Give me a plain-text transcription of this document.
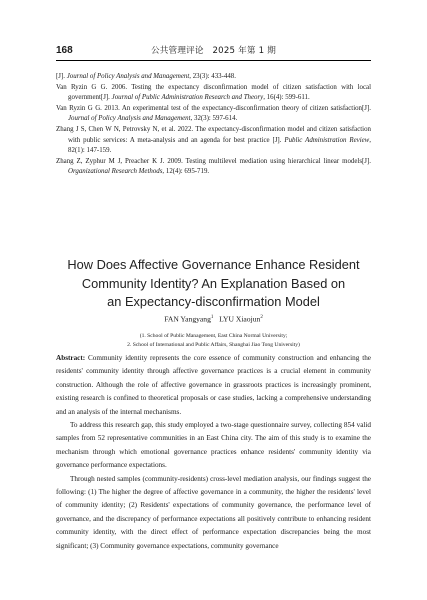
168	公共管理评论　2025 年第 1 期

[J]. Journal of Policy Analysis and Management, 23(3): 433-448.

Van Ryzin G G. 2006. Testing the expectancy disconfirmation model of citizen satisfaction with local government[J]. Journal of Public Administration Research and Theory, 16(4): 599-611.

Van Ryzin G G. 2013. An experimental test of the expectancy-disconfirmation theory of citizen satisfaction[J]. Journal of Policy Analysis and Management, 32(3): 597-614.

Zhang J S, Chen W N, Petrovsky N, et al. 2022. The expectancy-disconfirmation model and citizen satisfaction with public services: A meta-analysis and an agenda for best practice [J]. Public Administration Review, 82(1): 147-159.

Zhang Z, Zyphur M J, Preacher K J. 2009. Testing multilevel mediation using hierarchical linear models[J]. Organizational Research Methods, 12(4): 695-719.

How Does Affective Governance Enhance Resident
Community Identity? An Explanation Based on
an Expectancy-disconfirmation Model
FAN Yangyang$^1$ LYU Xiaojun$^2$
(1. School of Public Management, East China Normal University;
2. School of International and Public Affairs, Shanghai Jiao Tong University)

Abstract: Community identity represents the core essence of community construction and enhancing the residents' community identity through affective governance practices is a crucial element in community construction. Although the role of affective governance in grassroots practices is increasingly prominent, existing research is confined to theoretical proposals or case studies, lacking a comprehensive understanding and an analysis of the internal mechanisms.

To address this research gap, this study employed a two-stage questionnaire survey, collecting 854 valid samples from 52 representative communities in an East China city. The aim of this study is to examine the mechanism through which emotional governance practices enhance residents' community identity via governance performance expectations.

Through nested samples (community-residents) cross-level mediation analysis, our findings suggest the following: (1) The higher the degree of affective governance in a community, the higher the residents' level of community identity; (2) Residents' expectations of community governance, the performance level of governance, and the discrepancy of performance expectations all positively contribute to enhancing resident community identity, with the direct effect of performance expectation discrepancies being the most significant; (3) Community governance expectations, community governance
